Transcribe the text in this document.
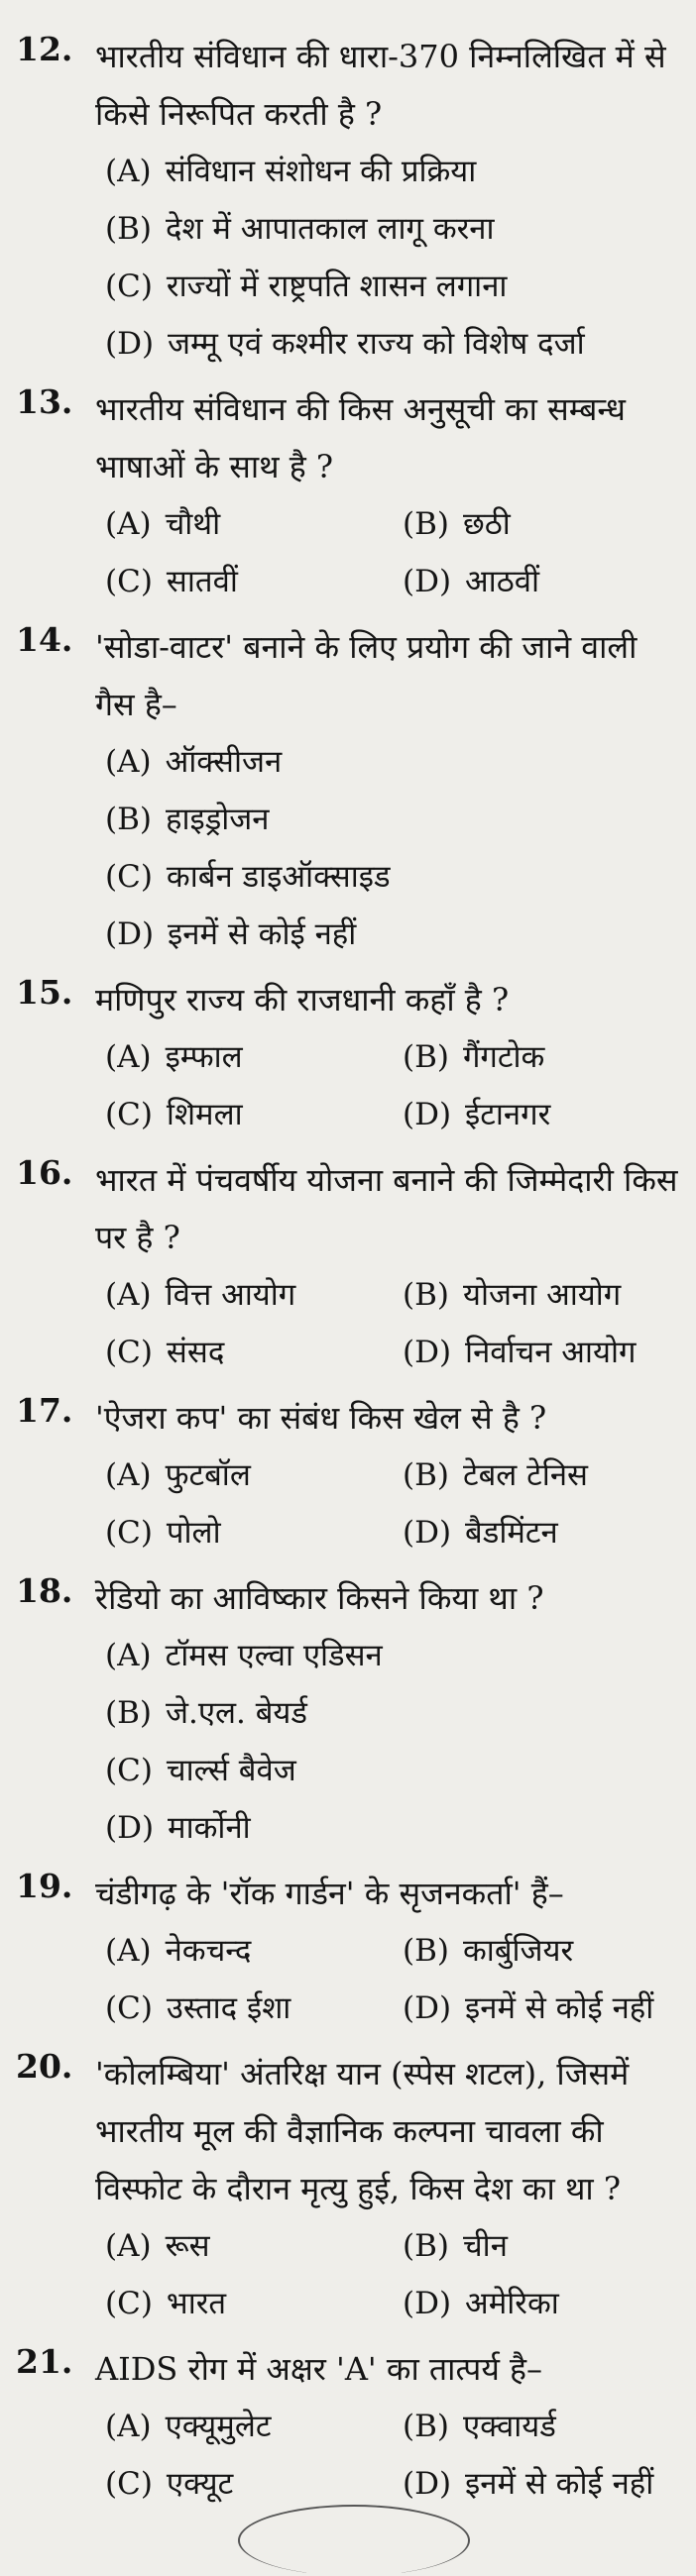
12. भारतीय संविधान की धारा-370 निम्नलिखित में से किसे निरूपित करती है ?
(A) संविधान संशोधन की प्रक्रिया
(B) देश में आपातकाल लागू करना
(C) राज्यों में राष्ट्रपति शासन लगाना
(D) जम्मू एवं कश्मीर राज्य को विशेष दर्जा
13. भारतीय संविधान की किस अनुसूची का सम्बन्ध भाषाओं के साथ है ?
(A) चौथी	(B) छठी
(C) सातवीं	(D) आठवीं
14. 'सोडा-वाटर' बनाने के लिए प्रयोग की जाने वाली गैस है–
(A) ऑक्सीजन
(B) हाइड्रोजन
(C) कार्बन डाइऑक्साइड
(D) इनमें से कोई नहीं
15. मणिपुर राज्य की राजधानी कहाँ है ?
(A) इम्फाल	(B) गैंगटोक
(C) शिमला	(D) ईटानगर
16. भारत में पंचवर्षीय योजना बनाने की जिम्मेदारी किस पर है ?
(A) वित्त आयोग	(B) योजना आयोग
(C) संसद	(D) निर्वाचन आयोग
17. 'ऐजरा कप' का संबंध किस खेल से है ?
(A) फुटबॉल	(B) टेबल टेनिस
(C) पोलो	(D) बैडमिंटन
18. रेडियो का आविष्कार किसने किया था ?
(A) टॉमस एल्वा एडिसन
(B) जे.एल. बेयर्ड
(C) चार्ल्स बैवेज
(D) मार्कोनी
19. चंडीगढ़ के 'रॉक गार्डन' के सृजनकर्ता' हैं–
(A) नेकचन्द	(B) कार्बुजियर
(C) उस्ताद ईशा	(D) इनमें से कोई नहीं
20. 'कोलम्बिया' अंतरिक्ष यान (स्पेस शटल), जिसमें भारतीय मूल की वैज्ञानिक कल्पना चावला की विस्फोट के दौरान मृत्यु हुई, किस देश का था ?
(A) रूस	(B) चीन
(C) भारत	(D) अमेरिका
21. AIDS रोग में अक्षर 'A' का तात्पर्य है–
(A) एक्यूमुलेट	(B) एक्वायर्ड
(C) एक्यूट	(D) इनमें से कोई नहीं
